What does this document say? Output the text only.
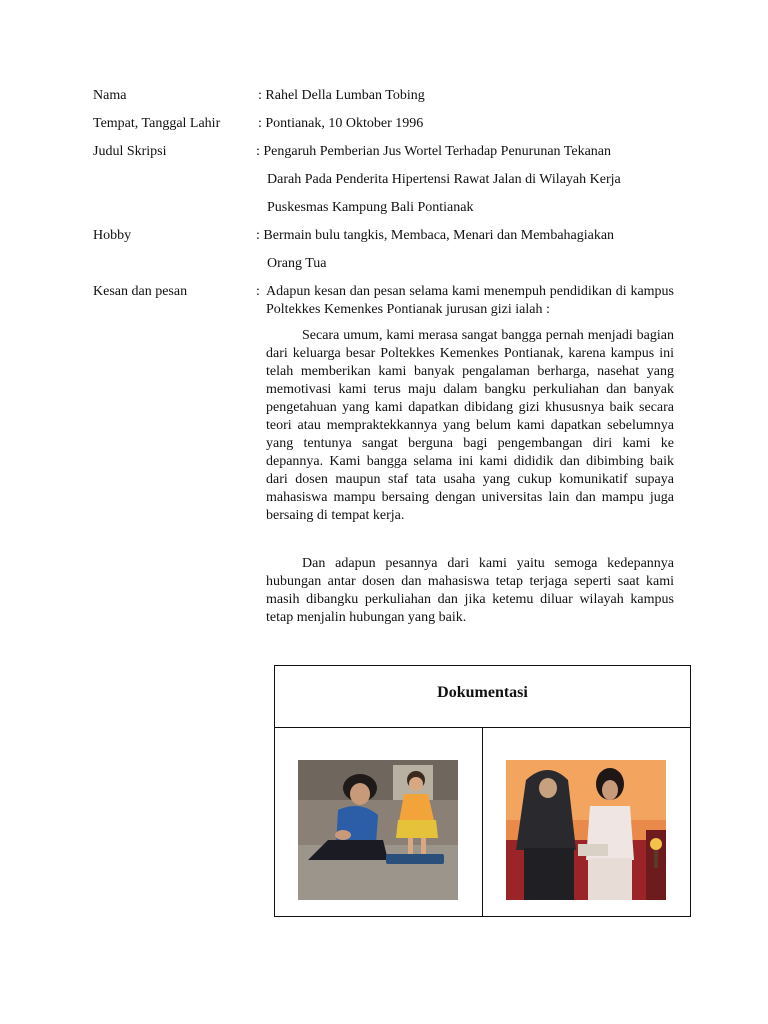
Nama	: Rahel Della Lumban Tobing
Tempat, Tanggal Lahir	: Pontianak, 10 Oktober 1996
Judul Skripsi	: Pengaruh Pemberian Jus Wortel Terhadap Penurunan Tekanan
Darah Pada Penderita Hipertensi Rawat Jalan di Wilayah Kerja
Puskesmas Kampung Bali Pontianak
Hobby	: Bermain bulu tangkis, Membaca, Menari dan Membahagiakan
Orang Tua
Kesan dan pesan	: Adapun kesan dan pesan selama kami menempuh pendidikan di kampus Poltekkes Kemenkes Pontianak jurusan gizi ialah :
Secara umum, kami merasa sangat bangga pernah menjadi bagian dari keluarga besar Poltekkes Kemenkes Pontianak, karena kampus ini telah memberikan kami banyak pengalaman berharga, nasehat yang memotivasi kami terus maju dalam bangku perkuliahan dan banyak pengetahuan yang kami dapatkan dibidang gizi khususnya baik secara teori atau mempraktekkannya yang belum kami dapatkan sebelumnya yang tentunya sangat berguna bagi pengembangan diri kami ke depannya. Kami bangga selama ini kami dididik dan dibimbing baik dari dosen maupun staf tata usaha yang cukup komunikatif supaya mahasiswa mampu bersaing dengan universitas lain dan mampu juga bersaing di tempat kerja.
Dan adapun pesannya dari kami yaitu semoga kedepannya hubungan antar dosen dan mahasiswa tetap terjaga seperti saat kami masih dibangku perkuliahan dan jika ketemu diluar wilayah kampus tetap menjalin hubungan yang baik.
Dokumentasi
